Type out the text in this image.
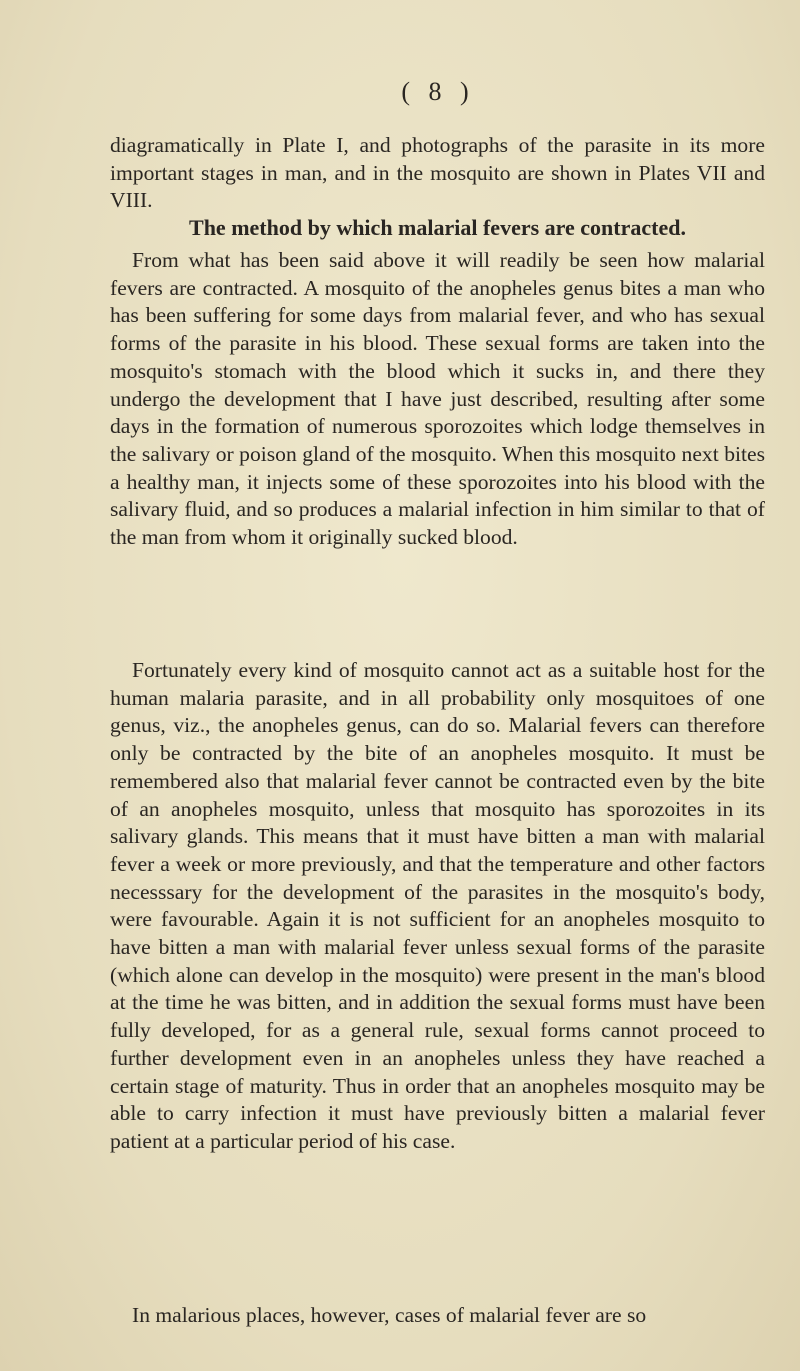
( 8 )

diagramatically in Plate I, and photographs of the parasite in its more important stages in man, and in the mosquito are shown in Plates VII and VIII.

The method by which malarial fevers are contracted.

From what has been said above it will readily be seen how malarial fevers are contracted. A mosquito of the anopheles genus bites a man who has been suffering for some days from malarial fever, and who has sexual forms of the parasite in his blood. These sexual forms are taken into the mosquito's stomach with the blood which it sucks in, and there they undergo the development that I have just described, resulting after some days in the formation of numerous sporozoites which lodge themselves in the salivary or poison gland of the mosquito. When this mosquito next bites a healthy man, it injects some of these sporozoites into his blood with the salivary fluid, and so produces a malarial infection in him similar to that of the man from whom it originally sucked blood.

Fortunately every kind of mosquito cannot act as a suitable host for the human malaria parasite, and in all probability only mosquitoes of one genus, viz., the anopheles genus, can do so. Malarial fevers can therefore only be contracted by the bite of an anopheles mosquito. It must be remembered also that malarial fever cannot be contracted even by the bite of an anopheles mosquito, unless that mosquito has sporozoites in its salivary glands. This means that it must have bitten a man with malarial fever a week or more previously, and that the temperature and other factors necesssary for the development of the parasites in the mosquito's body, were favourable. Again it is not sufficient for an anopheles mosquito to have bitten a man with malarial fever unless sexual forms of the parasite (which alone can develop in the mosquito) were present in the man's blood at the time he was bitten, and in addition the sexual forms must have been fully developed, for as a general rule, sexual forms cannot proceed to further development even in an anopheles unless they have reached a certain stage of maturity. Thus in order that an anopheles mosquito may be able to carry infection it must have previously bitten a malarial fever patient at a particular period of his case.

In malarious places, however, cases of malarial fever are so
